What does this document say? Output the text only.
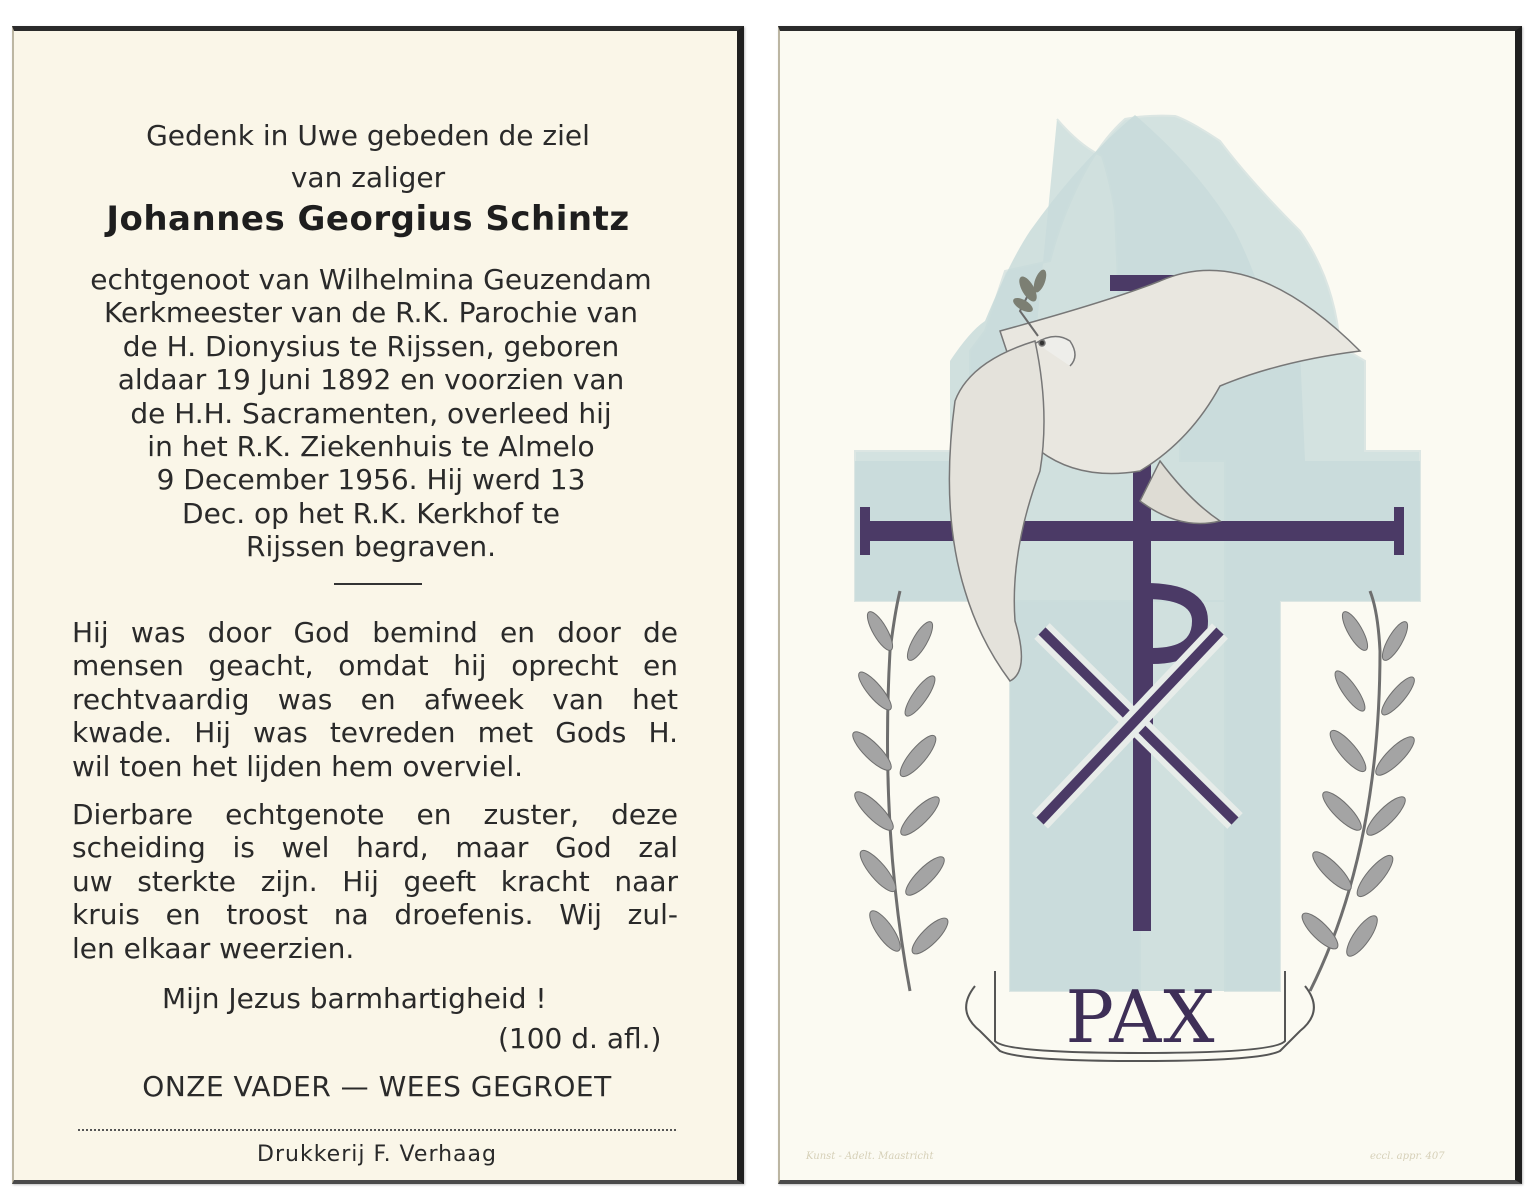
Gedenk in Uwe gebeden de ziel
van zaliger
Johannes Georgius Schintz
echtgenoot van Wilhelmina Geuzendam
Kerkmeester van de R.K. Parochie van
de H. Dionysius te Rijssen, geboren
aldaar 19 Juni 1892 en voorzien van
de H.H. Sacramenten, overleed hij
in het R.K. Ziekenhuis te Almelo
9 December 1956. Hij werd 13
Dec. op het R.K. Kerkhof te
Rijssen begraven.
Hij was door God bemind en door de
mensen geacht, omdat hij oprecht en
rechtvaardig was en afweek van het
kwade. Hij was tevreden met Gods H.
wil toen het lijden hem overviel.
Dierbare echtgenote en zuster, deze
scheiding is wel hard, maar God zal
uw sterkte zijn. Hij geeft kracht naar
kruis en troost na droefenis. Wij zul-
len elkaar weerzien.
Mijn Jezus barmhartigheid !
(100 d. afl.)
ONZE VADER — WEES GEGROET
Drukkerij F. Verhaag
PAX
Kunst - Adelt. Maastricht	eccl. appr. 407
